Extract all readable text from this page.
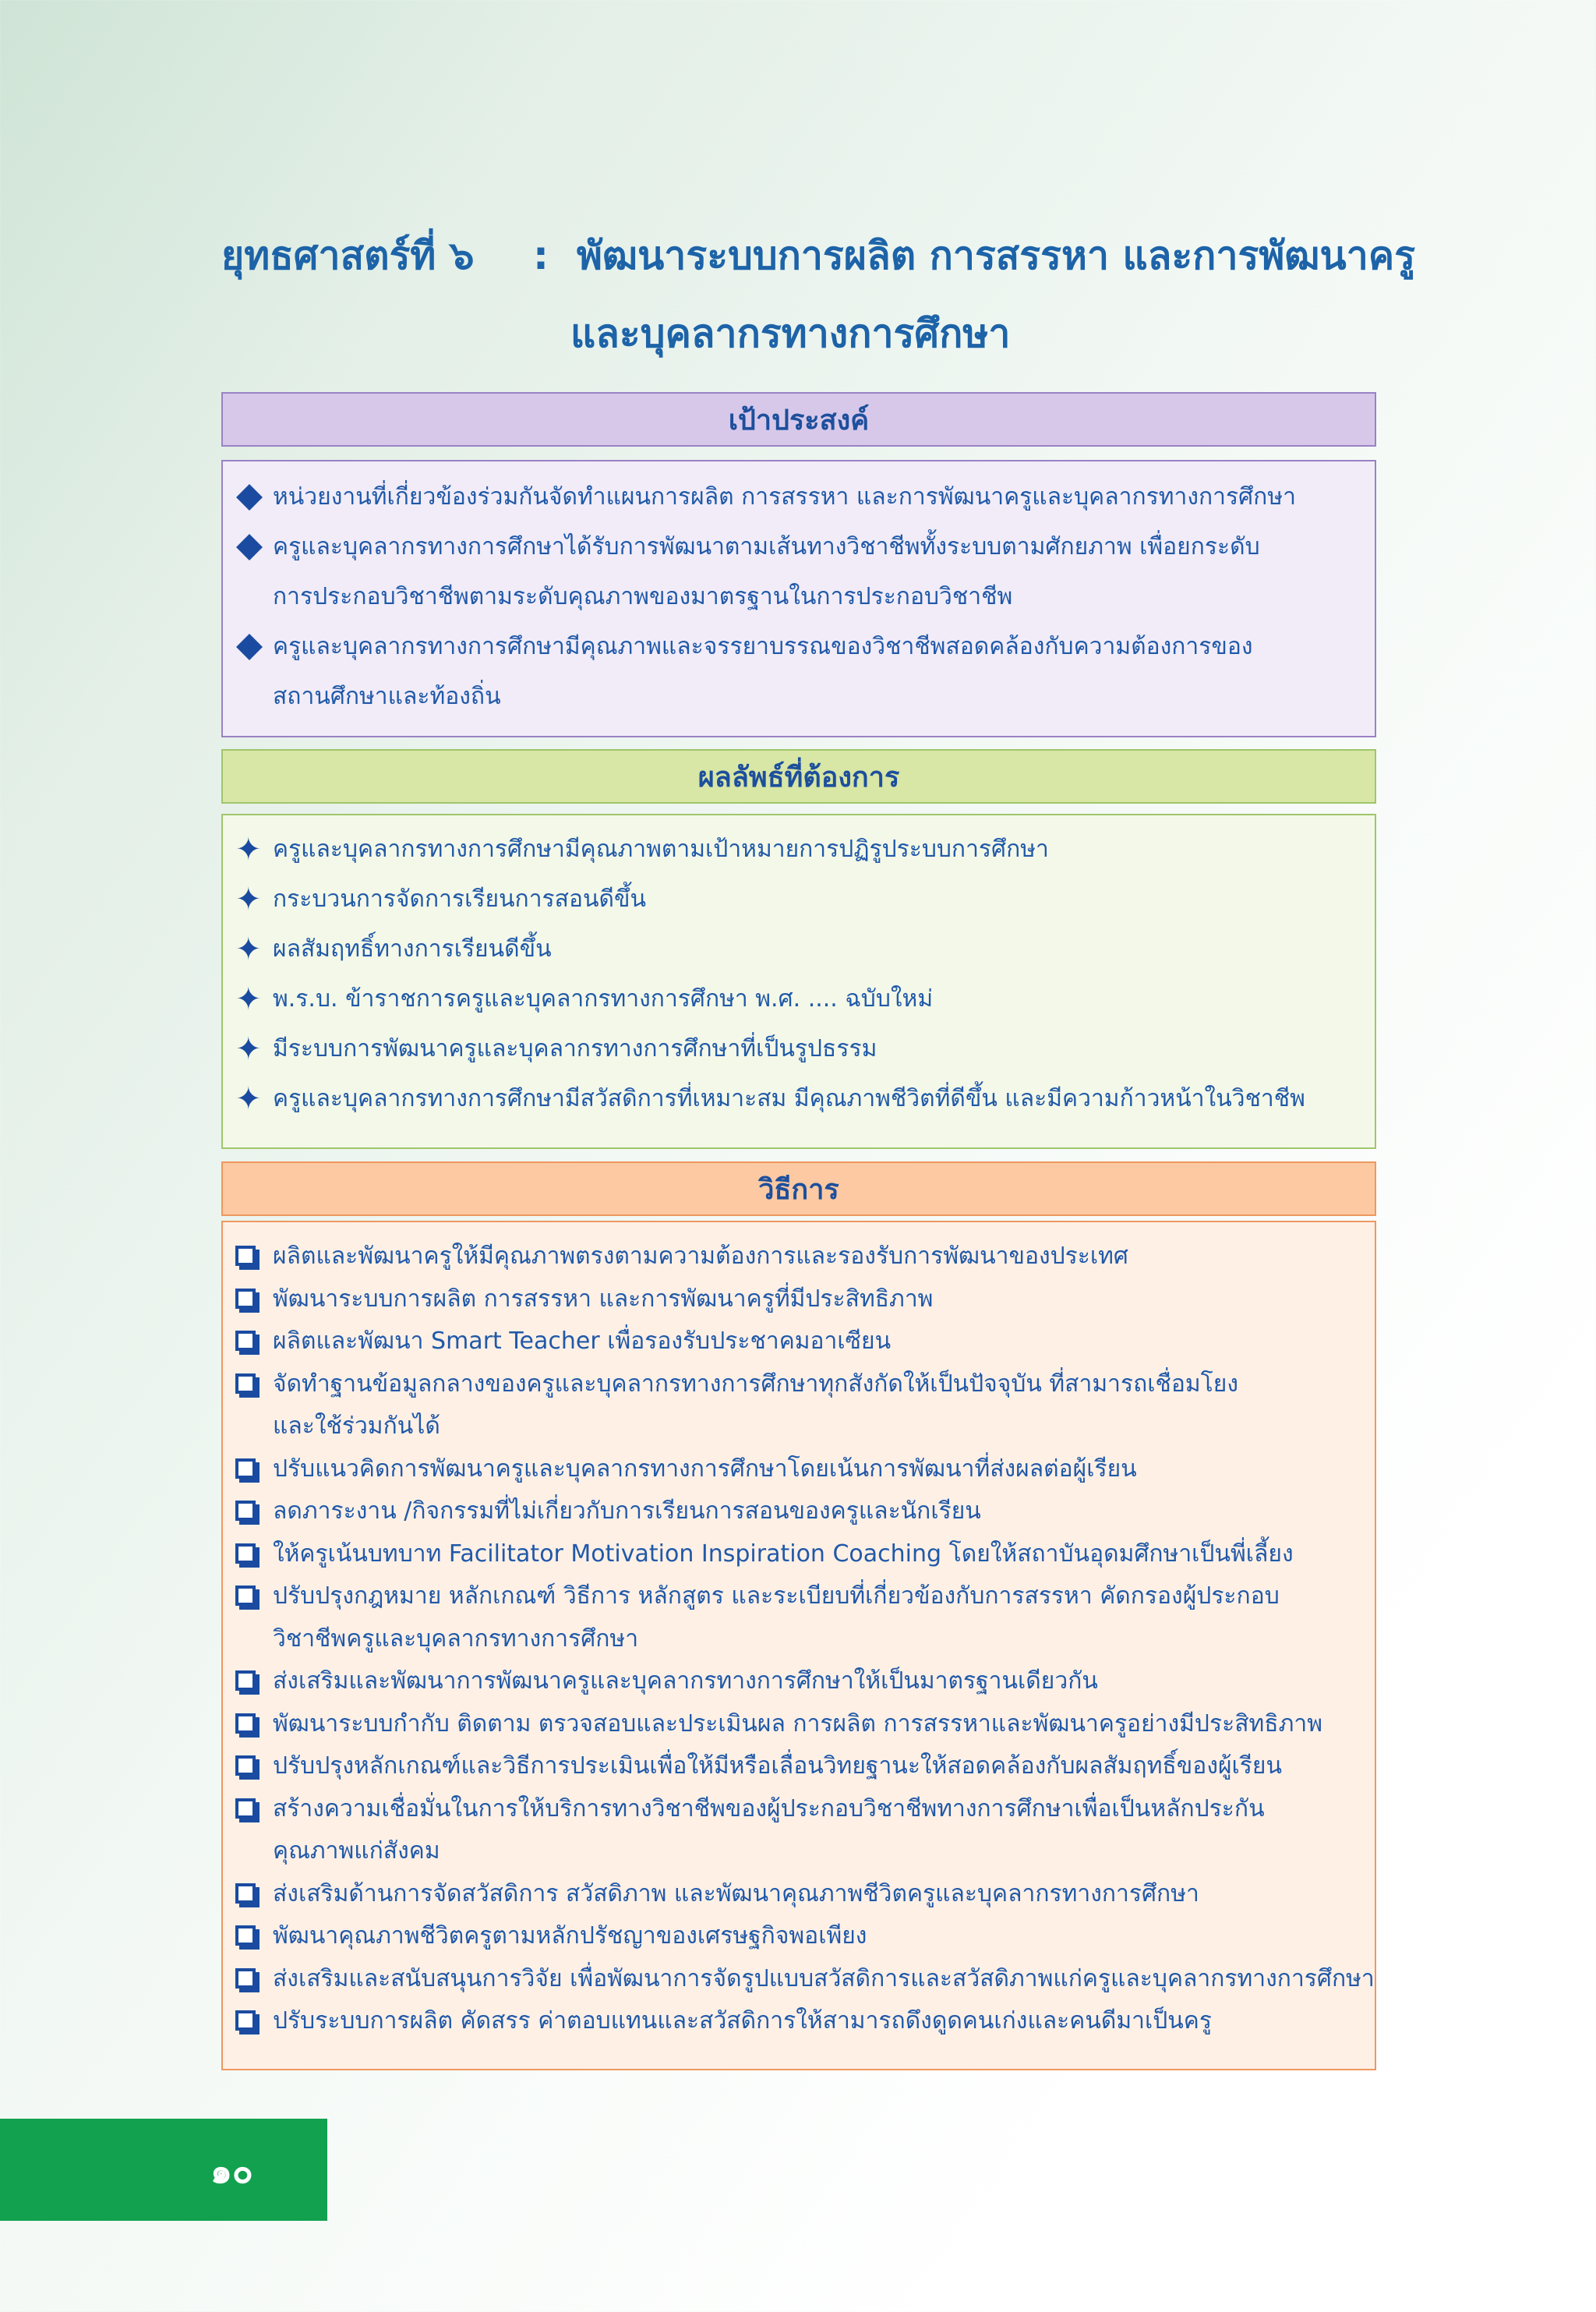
ยุทธศาสตร์ที่ ๖ : พัฒนาระบบการผลิต การสรรหา และการพัฒนาครู
และบุคลากรทางการศึกษา
เป้าประสงค์
หน่วยงานที่เกี่ยวข้องร่วมกันจัดทำแผนการผลิต การสรรหา และการพัฒนาครูและบุคลากรทางการศึกษา
ครูและบุคลากรทางการศึกษาได้รับการพัฒนาตามเส้นทางวิชาชีพทั้งระบบตามศักยภาพ เพื่อยกระดับ
การประกอบวิชาชีพตามระดับคุณภาพของมาตรฐานในการประกอบวิชาชีพ
ครูและบุคลากรทางการศึกษามีคุณภาพและจรรยาบรรณของวิชาชีพสอดคล้องกับความต้องการของ
สถานศึกษาและท้องถิ่น
ผลลัพธ์ที่ต้องการ
✦ ครูและบุคลากรทางการศึกษามีคุณภาพตามเป้าหมายการปฏิรูประบบการศึกษา
✦ กระบวนการจัดการเรียนการสอนดีขึ้น
✦ ผลสัมฤทธิ์ทางการเรียนดีขึ้น
✦ พ.ร.บ. ข้าราชการครูและบุคลากรทางการศึกษา พ.ศ. .... ฉบับใหม่
✦ มีระบบการพัฒนาครูและบุคลากรทางการศึกษาที่เป็นรูปธรรม
✦ ครูและบุคลากรทางการศึกษามีสวัสดิการที่เหมาะสม มีคุณภาพชีวิตที่ดีขึ้น และมีความก้าวหน้าในวิชาชีพ
วิธีการ
ผลิตและพัฒนาครูให้มีคุณภาพตรงตามความต้องการและรองรับการพัฒนาของประเทศ
พัฒนาระบบการผลิต การสรรหา และการพัฒนาครูที่มีประสิทธิภาพ
ผลิตและพัฒนา Smart Teacher เพื่อรองรับประชาคมอาเซียน
จัดทำฐานข้อมูลกลางของครูและบุคลากรทางการศึกษาทุกสังกัดให้เป็นปัจจุบัน ที่สามารถเชื่อมโยง
และใช้ร่วมกันได้
ปรับแนวคิดการพัฒนาครูและบุคลากรทางการศึกษาโดยเน้นการพัฒนาที่ส่งผลต่อผู้เรียน
ลดภาระงาน /กิจกรรมที่ไม่เกี่ยวกับการเรียนการสอนของครูและนักเรียน
ให้ครูเน้นบทบาท Facilitator Motivation Inspiration Coaching โดยให้สถาบันอุดมศึกษาเป็นพี่เลี้ยง
ปรับปรุงกฎหมาย หลักเกณฑ์ วิธีการ หลักสูตร และระเบียบที่เกี่ยวข้องกับการสรรหา คัดกรองผู้ประกอบ
วิชาชีพครูและบุคลากรทางการศึกษา
ส่งเสริมและพัฒนาการพัฒนาครูและบุคลากรทางการศึกษาให้เป็นมาตรฐานเดียวกัน
พัฒนาระบบกำกับ ติดตาม ตรวจสอบและประเมินผล การผลิต การสรรหาและพัฒนาครูอย่างมีประสิทธิภาพ
ปรับปรุงหลักเกณฑ์และวิธีการประเมินเพื่อให้มีหรือเลื่อนวิทยฐานะให้สอดคล้องกับผลสัมฤทธิ์ของผู้เรียน
สร้างความเชื่อมั่นในการให้บริการทางวิชาชีพของผู้ประกอบวิชาชีพทางการศึกษาเพื่อเป็นหลักประกัน
คุณภาพแก่สังคม
ส่งเสริมด้านการจัดสวัสดิการ สวัสดิภาพ และพัฒนาคุณภาพชีวิตครูและบุคลากรทางการศึกษา
พัฒนาคุณภาพชีวิตครูตามหลักปรัชญาของเศรษฐกิจพอเพียง
ส่งเสริมและสนับสนุนการวิจัย เพื่อพัฒนาการจัดรูปแบบสวัสดิการและสวัสดิภาพแก่ครูและบุคลากรทางการศึกษา
ปรับระบบการผลิต คัดสรร ค่าตอบแทนและสวัสดิการให้สามารถดึงดูดคนเก่งและคนดีมาเป็นครู
๑๐
